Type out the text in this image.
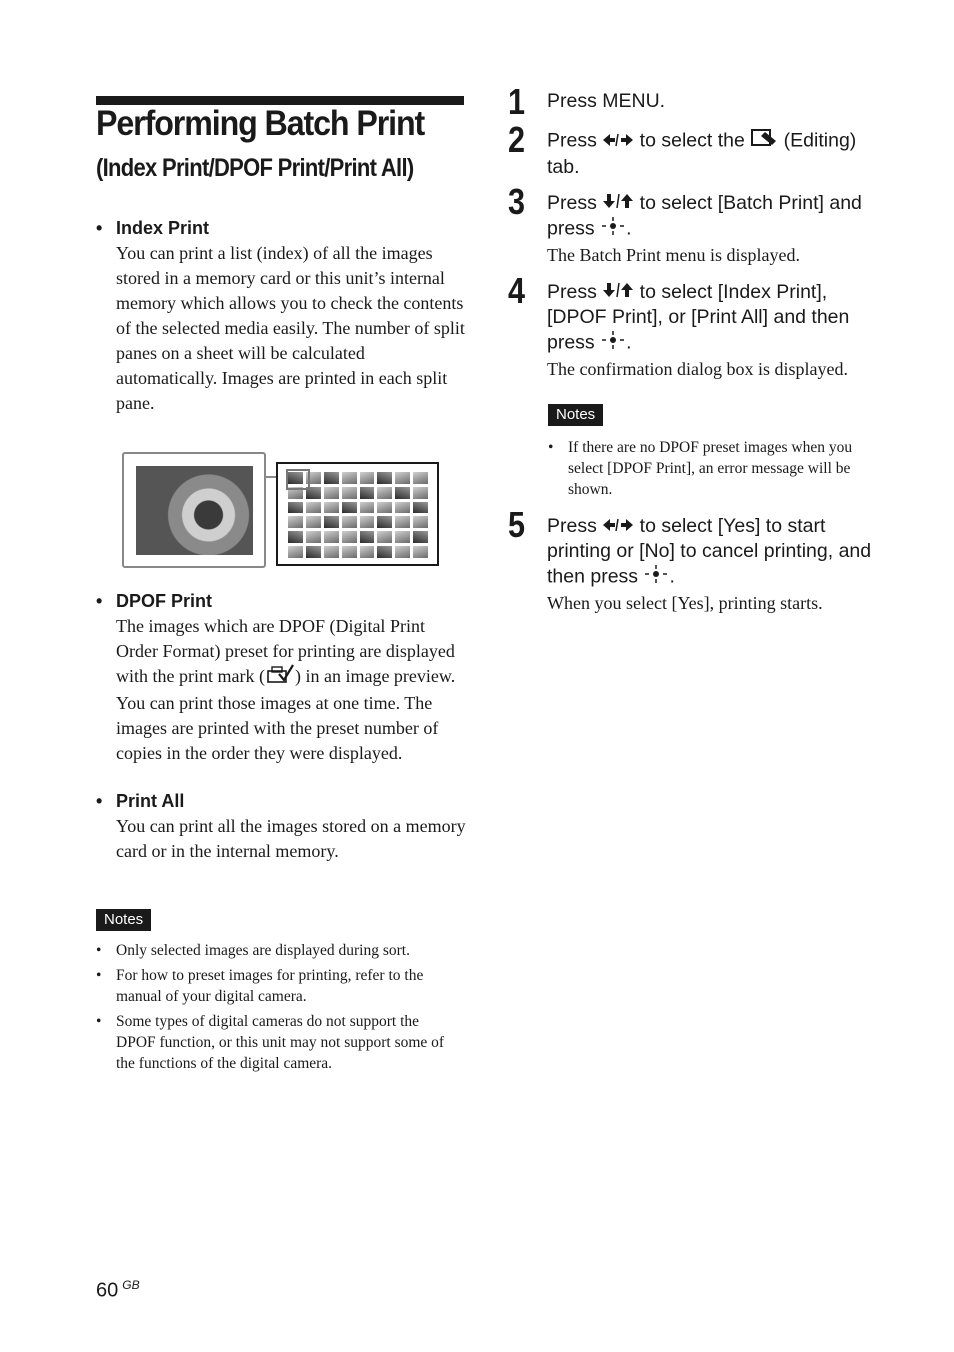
Performing Batch Print
(Index Print/DPOF Print/Print All)
• Index Print
You can print a list (index) of all the images stored in a memory card or this unit’s internal memory which allows you to check the contents of the selected media easily. The number of split panes on a sheet will be calculated automatically. Images are printed in each split pane.
• DPOF Print
The images which are DPOF (Digital Print Order Format) preset for printing are displayed with the print mark ( ) in an image preview. You can print those images at one time. The images are printed with the preset number of copies in the order they were displayed.
• Print All
You can print all the images stored on a memory card or in the internal memory.
Notes
• Only selected images are displayed during sort.
• For how to preset images for printing, refer to the manual of your digital camera.
• Some types of digital cameras do not support the DPOF function, or this unit may not support some of the functions of the digital camera.
1 Press MENU.
2 Press  to select the  (Editing) tab.
3 Press  to select [Batch Print] and press .
The Batch Print menu is displayed.
4 Press  to select [Index Print], [DPOF Print], or [Print All] and then press .
The confirmation dialog box is displayed.
Notes
• If there are no DPOF preset images when you select [DPOF Print], an error message will be shown.
5 Press  to select [Yes] to start printing or [No] to cancel printing, and then press .
When you select [Yes], printing starts.
60 $^{GB}$
